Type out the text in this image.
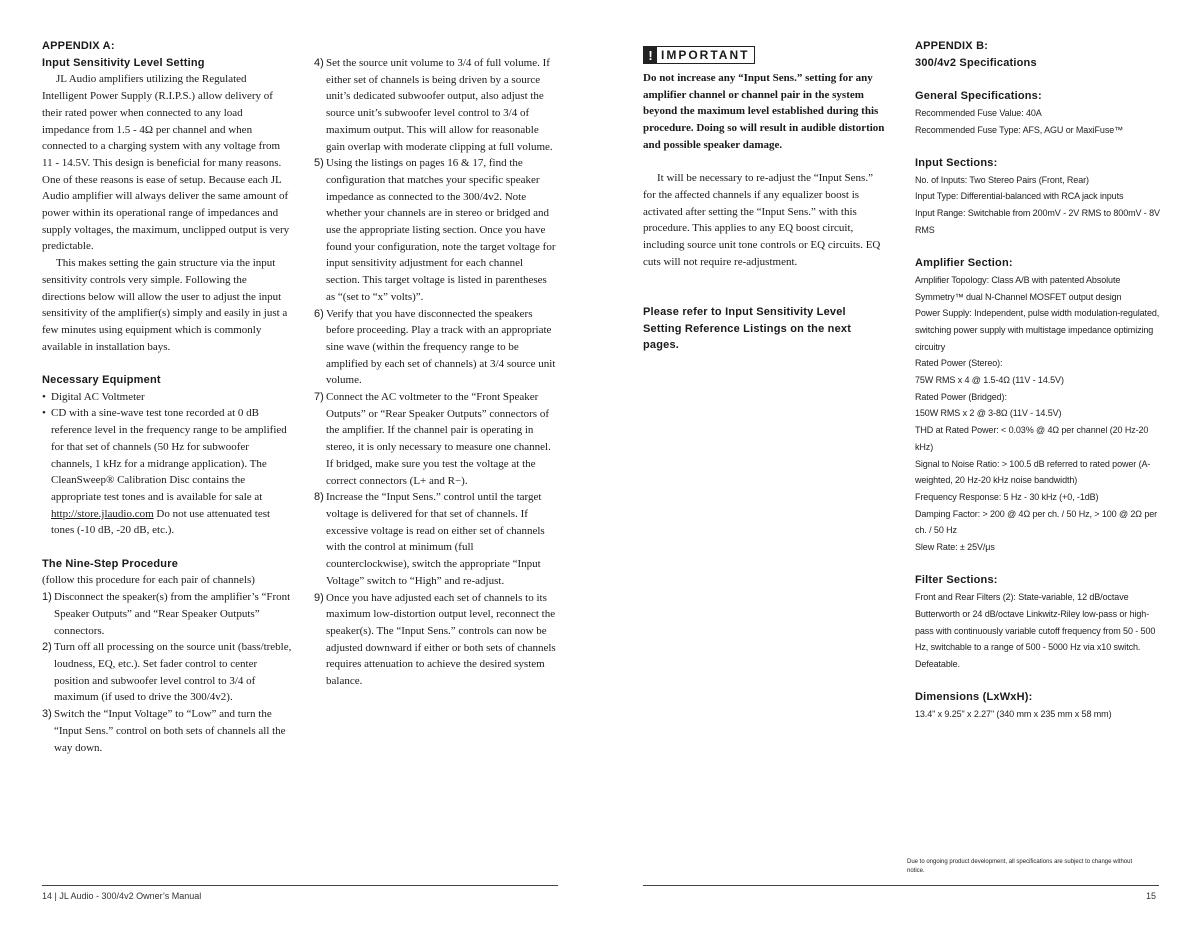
APPENDIX A:
Input Sensitivity Level Setting

JL Audio amplifiers utilizing the Regulated Intelligent Power Supply (R.I.P.S.) allow delivery of their rated power when connected to any load impedance from 1.5 - 4Ω per channel and when connected to a charging system with any voltage from 11 - 14.5V. This design is beneficial for many reasons. One of these reasons is ease of setup. Because each JL Audio amplifier will always deliver the same amount of power within its operational range of impedances and supply voltages, the maximum, unclipped output is very predictable.

This makes setting the gain structure via the input sensitivity controls very simple. Following the directions below will allow the user to adjust the input sensitivity of the amplifier(s) simply and easily in just a few minutes using equipment which is commonly available in installation bays.

Necessary Equipment
• Digital AC Voltmeter
• CD with a sine-wave test tone recorded at 0 dB reference level in the frequency range to be amplified for that set of channels (50 Hz for subwoofer channels, 1 kHz for a midrange application). The CleanSweep® Calibration Disc contains the appropriate test tones and is available for sale at http://store.jlaudio.com Do not use attenuated test tones (-10 dB, -20 dB, etc.).
The Nine-Step Procedure
(follow this procedure for each pair of channels)
1) Disconnect the speaker(s) from the amplifier’s “Front Speaker Outputs” and “Rear Speaker Outputs” connectors.
2) Turn off all processing on the source unit (bass/treble, loudness, EQ, etc.). Set fader control to center position and subwoofer level control to 3/4 of maximum (if used to drive the 300/4v2).
3) Switch the “Input Voltage” to “Low” and turn the “Input Sens.” control on both sets of channels all the way down.
4) Set the source unit volume to 3/4 of full volume. If either set of channels is being driven by a source unit’s dedicated subwoofer output, also adjust the source unit’s subwoofer level control to 3/4 of maximum output. This will allow for reasonable gain overlap with moderate clipping at full volume.
5) Using the listings on pages 16 & 17, find the configuration that matches your specific speaker impedance as connected to the 300/4v2. Note whether your channels are in stereo or bridged and use the appropriate listing section. Once you have found your configuration, note the target voltage for input sensitivity adjustment for each channel section. This target voltage is listed in parentheses as “(set to “x” volts)”.
6) Verify that you have disconnected the speakers before proceeding. Play a track with an appropriate sine wave (within the frequency range to be amplified by each set of channels) at 3/4 source unit volume.
7) Connect the AC voltmeter to the “Front Speaker Outputs” or “Rear Speaker Outputs” connectors of the amplifier. If the channel pair is operating in stereo, it is only necessary to measure one channel. If bridged, make sure you test the voltage at the correct connectors (L+ and R−).
8) Increase the “Input Sens.” control until the target voltage is delivered for that set of channels. If excessive voltage is read on either set of channels with the control at minimum (full counterclockwise), switch the appropriate “Input Voltage” switch to “High” and re-adjust.
9) Once you have adjusted each set of channels to its maximum low-distortion output level, reconnect the speaker(s). The “Input Sens.” controls can now be adjusted downward if either or both sets of channels requires attenuation to achieve the desired system balance.
14 | JL Audio - 300/4v2 Owner’s Manual
! IMPORTANT

Do not increase any “Input Sens.” setting for any amplifier channel or channel pair in the system beyond the maximum level established during this procedure. Doing so will result in audible distortion and possible speaker damage.

It will be necessary to re-adjust the “Input Sens.” for the affected channels if any equalizer boost is activated after setting the “Input Sens.” with this procedure. This applies to any EQ boost circuit, including source unit tone controls or EQ circuits. EQ cuts will not require re-adjustment.

Please refer to Input Sensitivity Level Setting Reference Listings on the next pages.

APPENDIX B:
300/4v2 Specifications
General Specifications:
Recommended Fuse Value: 40A
Recommended Fuse Type: AFS, AGU or MaxiFuse™
Input Sections:
No. of Inputs: Two Stereo Pairs (Front, Rear)
Input Type: Differential-balanced with RCA jack inputs
Input Range: Switchable from 200mV - 2V RMS to 800mV - 8V RMS
Amplifier Section:
Amplifier Topology: Class A/B with patented Absolute Symmetry™ dual N-Channel MOSFET output design
Power Supply: Independent, pulse width modulation-regulated, switching power supply with multistage impedance optimizing circuitry
Rated Power (Stereo):
75W RMS x 4 @ 1.5-4Ω (11V - 14.5V)
Rated Power (Bridged):
150W RMS x 2 @ 3-8Ω (11V - 14.5V)
THD at Rated Power: < 0.03% @ 4Ω per channel (20 Hz-20 kHz)
Signal to Noise Ratio: > 100.5 dB referred to rated power (A-weighted, 20 Hz-20 kHz noise bandwidth)
Frequency Response: 5 Hz - 30 kHz (+0, -1dB)
Damping Factor: > 200 @ 4Ω per ch. / 50 Hz, > 100 @ 2Ω per ch. / 50 Hz
Slew Rate: ± 25V/μs
Filter Sections:
Front and Rear Filters (2): State-variable, 12 dB/octave Butterworth or 24 dB/octave Linkwitz-Riley low-pass or high-pass with continuously variable cutoff frequency from 50 - 500 Hz, switchable to a range of 500 - 5000 Hz via x10 switch. Defeatable.
Dimensions (LxWxH):
13.4" x 9.25" x 2.27" (340 mm x 235 mm x 58 mm)
Due to ongoing product development, all specifications are subject to change without notice.
15
